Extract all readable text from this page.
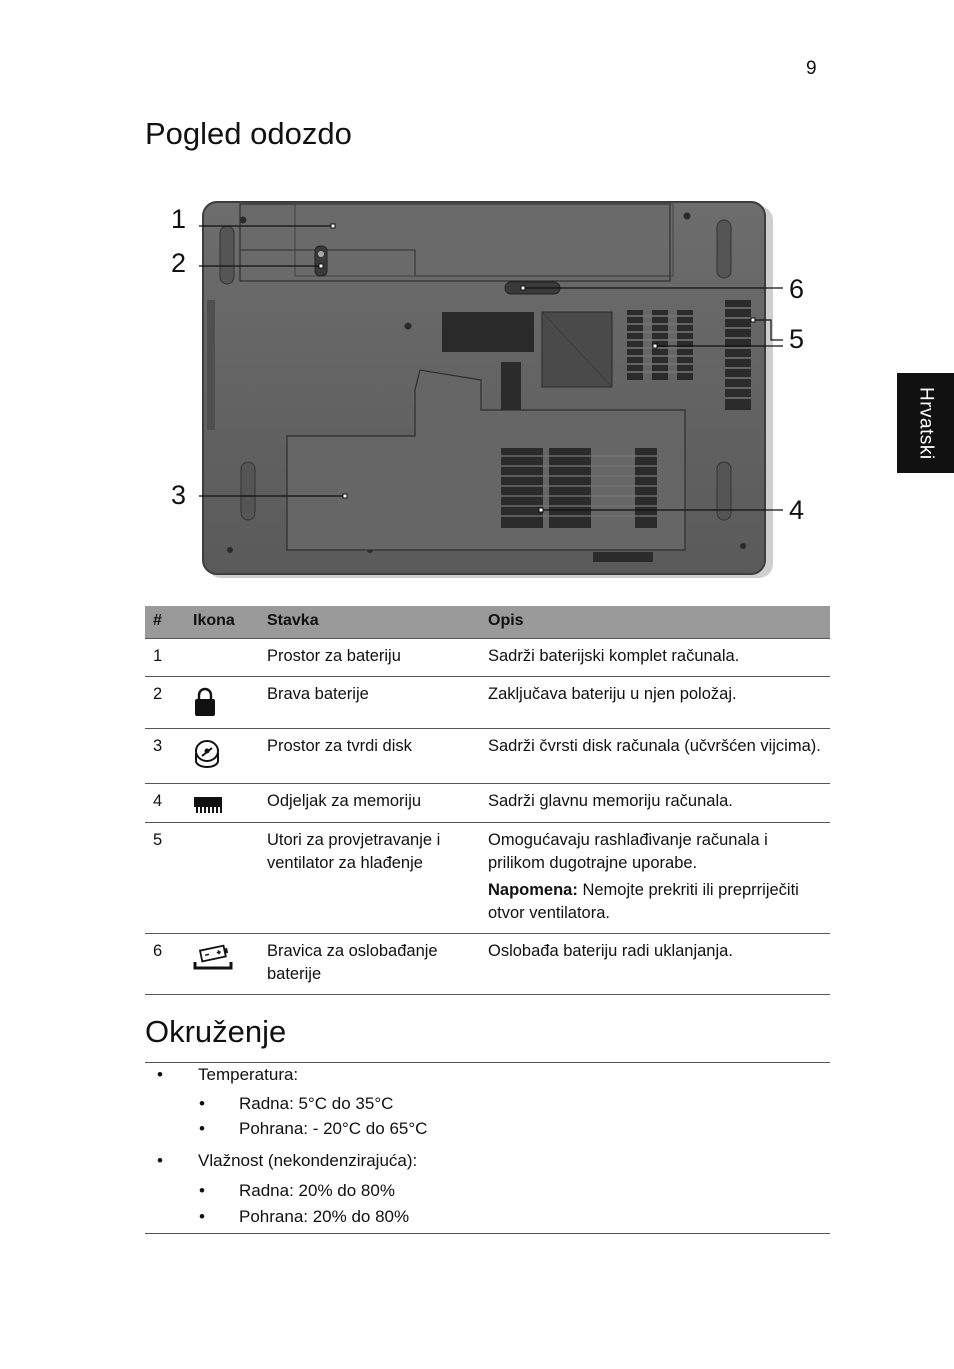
9
Hrvatski
Pogled odozdo
1
2
3	4
5
6
#	Ikona	Stavka	Opis
1		Prostor za bateriju	Sadrži baterijski komplet računala.
2		Brava baterije	Zaključava bateriju u njen položaj.
3		Prostor za tvrdi disk	Sadrži čvrsti disk računala (učvršćen vijcima).
4		Odjeljak za memoriju	Sadrži glavnu memoriju računala.
5		Utori za provjetravanje i ventilator za hlađenje	Omogućavaju rashlađivanje računala i prilikom dugotrajne uporabe.
Napomena: Nemojte prekriti ili preprriječiti otvor ventilatora.

6		Bravica za oslobađanje baterije	Oslobađa bateriju radi uklanjanja.
Okruženje
• Temperatura:
• Radna: 5°C do 35°C
• Pohrana: - 20°C do 65°C
• Vlažnost (nekondenzirajuća):
• Radna: 20% do 80%
• Pohrana: 20% do 80%
